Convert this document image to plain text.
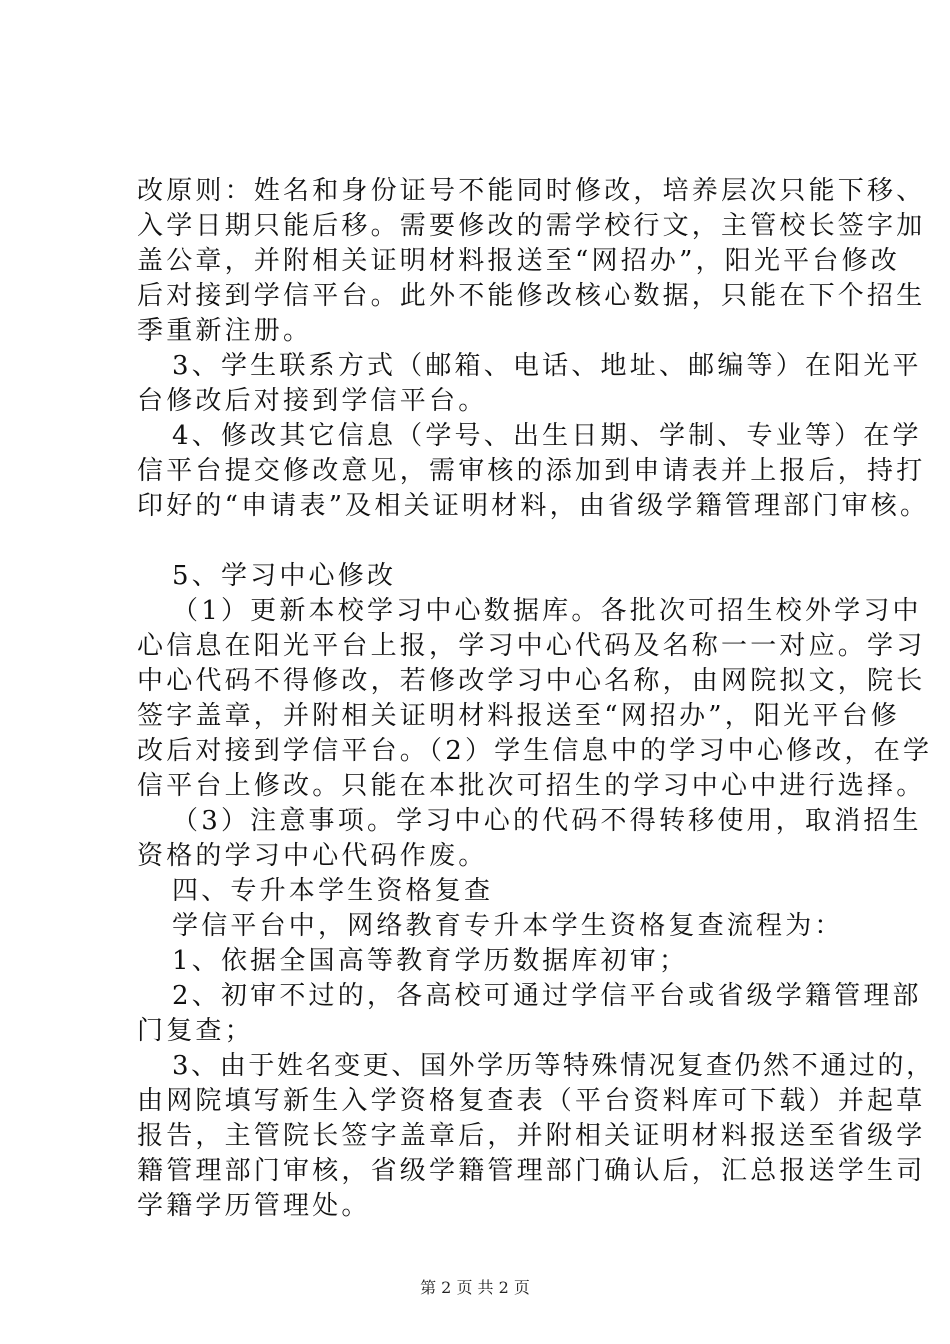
改原则：姓名和身份证号不能同时修改，培养层次只能下移、
入学日期只能后移。需要修改的需学校行文，主管校长签字加
盖公章，并附相关证明材料报送至“网招办”，阳光平台修改
后对接到学信平台。此外不能修改核心数据，只能在下个招生
季重新注册。
3、学生联系方式（邮箱、电话、地址、邮编等）在阳光平
台修改后对接到学信平台。
4、修改其它信息（学号、出生日期、学制、专业等）在学
信平台提交修改意见，需审核的添加到申请表并上报后，持打
印好的“申请表”及相关证明材料，由省级学籍管理部门审核。
5、学习中心修改
（1）更新本校学习中心数据库。各批次可招生校外学习中
心信息在阳光平台上报，学习中心代码及名称一一对应。学习
中心代码不得修改，若修改学习中心名称，由网院拟文，院长
签字盖章，并附相关证明材料报送至“网招办”，阳光平台修
改后对接到学信平台。（2）学生信息中的学习中心修改，在学
信平台上修改。只能在本批次可招生的学习中心中进行选择。
（3）注意事项。学习中心的代码不得转移使用，取消招生
资格的学习中心代码作废。
四、专升本学生资格复查
学信平台中，网络教育专升本学生资格复查流程为：
1、依据全国高等教育学历数据库初审；
2、初审不过的，各高校可通过学信平台或省级学籍管理部
门复查；
3、由于姓名变更、国外学历等特殊情况复查仍然不通过的，
由网院填写新生入学资格复查表（平台资料库可下载）并起草
报告，主管院长签字盖章后，并附相关证明材料报送至省级学
籍管理部门审核，省级学籍管理部门确认后，汇总报送学生司
学籍学历管理处。
第 2 页 共 2 页
